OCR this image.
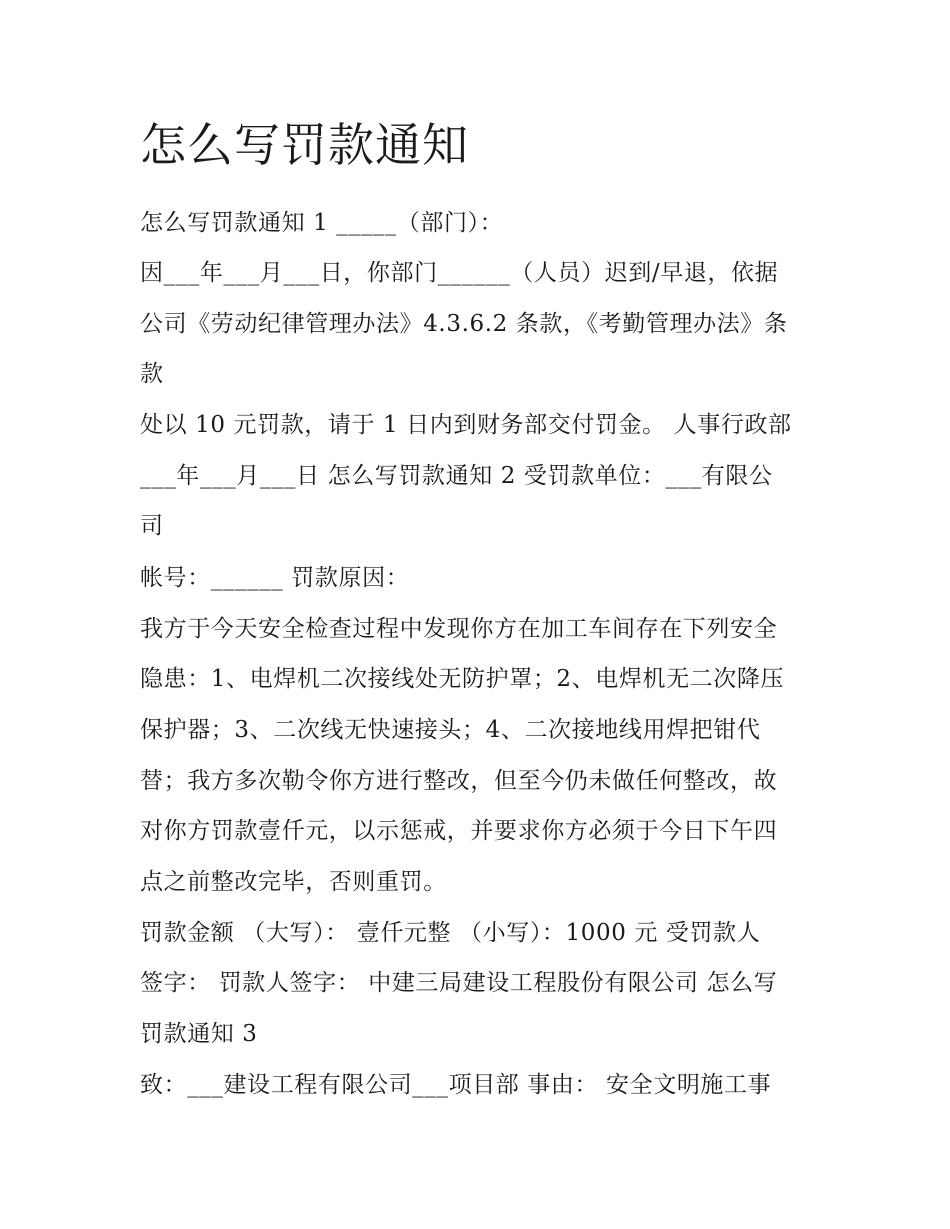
怎么写罚款通知

怎么写罚款通知 1 _____（部门）：

因___年___月___日，你部门______（人员）迟到/早退，依据

公司《劳动纪律管理办法》4.3.6.2 条款，《考勤管理办法》条

款

处以 10 元罚款，请于 1 日内到财务部交付罚金。 人事行政部

___年___月___日 怎么写罚款通知 2 受罚款单位：___有限公

司

帐号：______ 罚款原因：

我方于今天安全检查过程中发现你方在加工车间存在下列安全

隐患：1、电焊机二次接线处无防护罩；2、电焊机无二次降压

保护器；3、二次线无快速接头；4、二次接地线用焊把钳代

替；我方多次勒令你方进行整改，但至今仍未做任何整改，故

对你方罚款壹仟元，以示惩戒，并要求你方必须于今日下午四

点之前整改完毕，否则重罚。

罚款金额 （大写）： 壹仟元整 （小写）：1000 元 受罚款人

签字： 罚款人签字： 中建三局建设工程股份有限公司 怎么写

罚款通知 3

致：___建设工程有限公司___项目部 事由： 安全文明施工事
